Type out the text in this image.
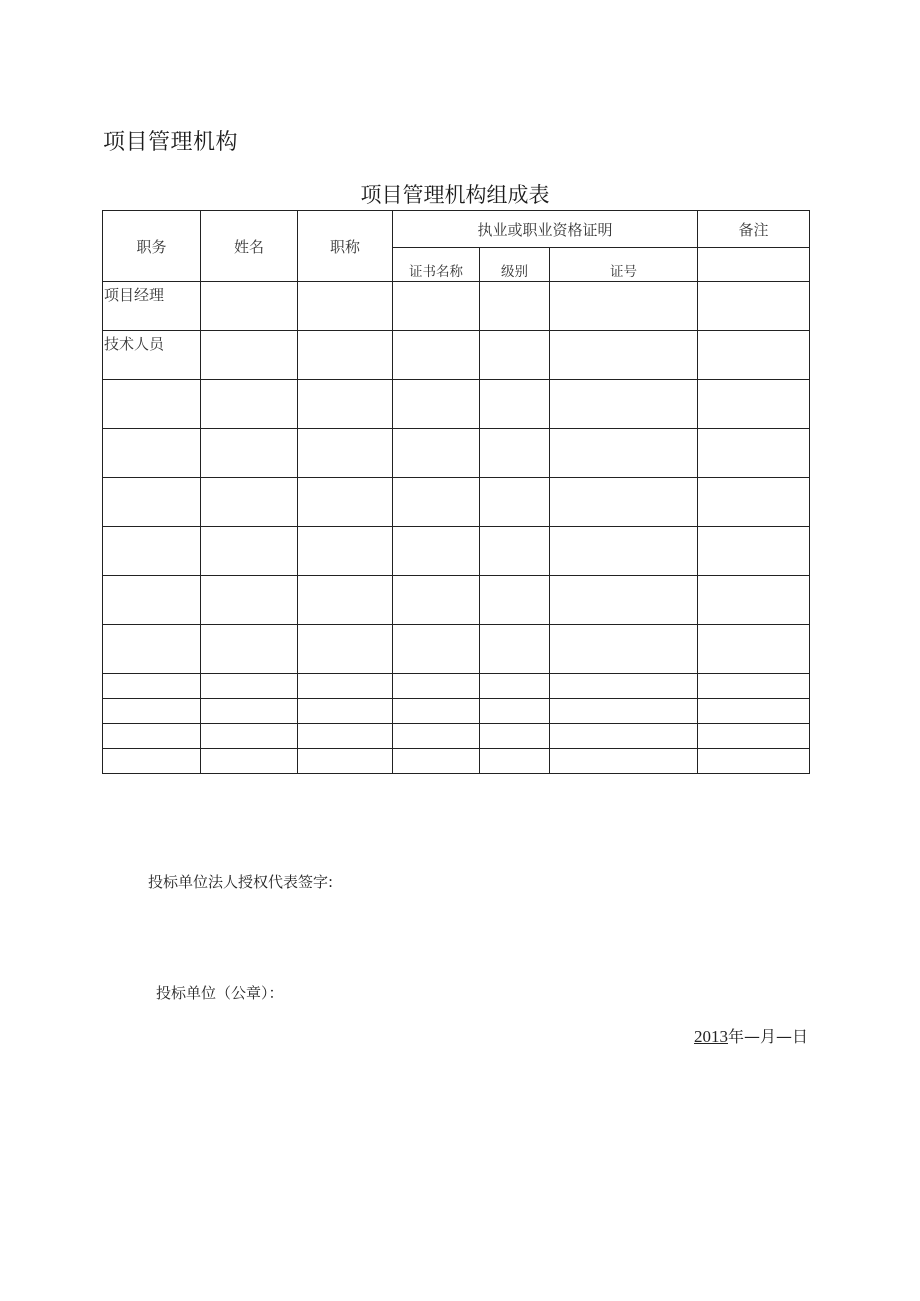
项目管理机构
项目管理机构组成表
职务	姓名	职称	执业或职业资格证明			备注
			证书名称	级别	证号	
项目经理						
技术人员						

投标单位法人授权代表签字:
投标单位（公章）：
2013年—月—日
